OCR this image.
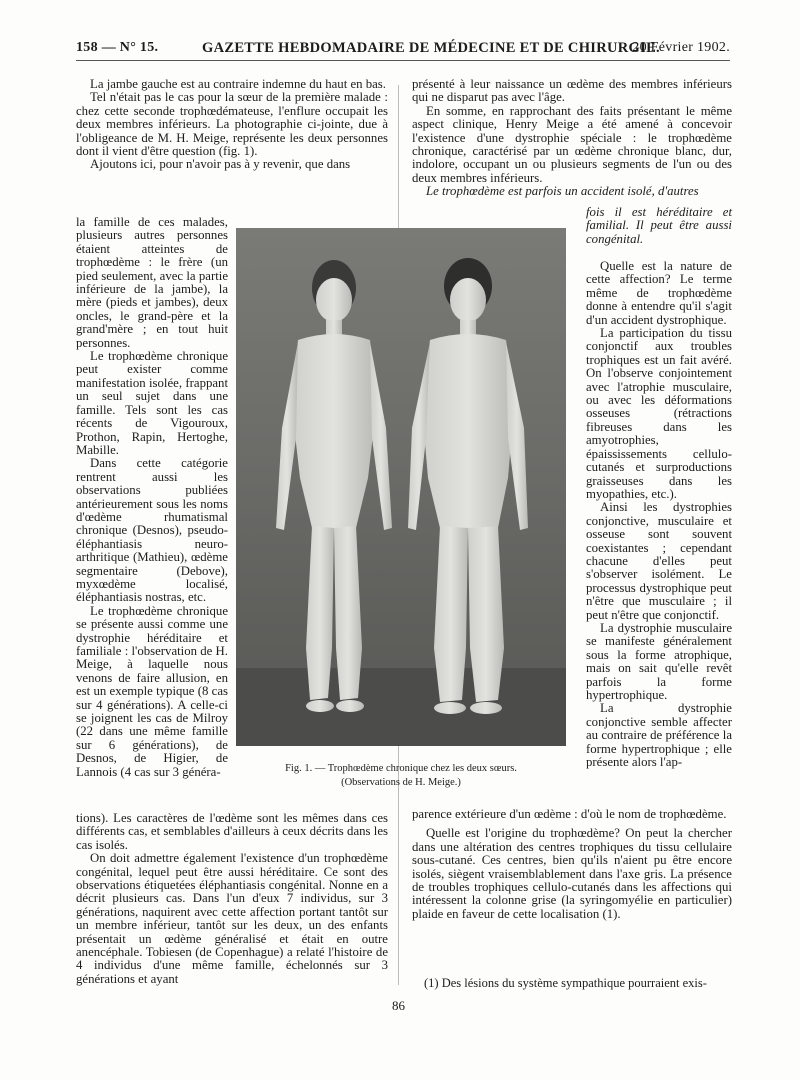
158 — N° 15.	GAZETTE HEBDOMADAIRE DE MÉDECINE ET DE CHIRURGIE.
20 Février 1902.

La jambe gauche est au contraire indemne du haut en bas.

Tel n'était pas le cas pour la sœur de la première malade : chez cette seconde trophœdémateuse, l'enflure occupait les deux membres inférieurs. La photographie ci-jointe, due à l'obligeance de M. H. Meige, représente les deux personnes dont il vient d'être question (fig. 1).

Ajoutons ici, pour n'avoir pas à y revenir, que dans

la famille de ces malades, plusieurs autres personnes étaient atteintes de trophœdème : le frère (un pied seulement, avec la partie inférieure de la jambe), la mère (pieds et jambes), deux oncles, le grand-père et la grand'mère ; en tout huit personnes.

Le trophœdème chronique peut exister comme manifestation isolée, frappant un seul sujet dans une famille. Tels sont les cas récents de Vigouroux, Prothon, Rapin, Hertoghe, Mabille.

Dans cette catégorie rentrent aussi les observations publiées antérieurement sous les noms d'œdème rhumatismal chronique (Desnos), pseudo-éléphantiasis neuro-arthritique (Mathieu), œdème segmentaire (Debove), myxœdème localisé, éléphantiasis nostras, etc.

Le trophœdème chronique se présente aussi comme une dystrophie héréditaire et familiale : l'observation de H. Meige, à laquelle nous venons de faire allusion, en est un exemple typique (8 cas sur 4 générations). A celle-ci se joignent les cas de Milroy (22 dans une même famille sur 6 générations), de Desnos, de Higier, de Lannois (4 cas sur 3 généra-

tions). Les caractères de l'œdème sont les mêmes dans ces différents cas, et semblables d'ailleurs à ceux décrits dans les cas isolés.

On doit admettre également l'existence d'un trophœdème congénital, lequel peut être aussi héréditaire. Ce sont des observations étiquetées éléphantiasis congénital. Nonne en a décrit plusieurs cas. Dans l'un d'eux 7 individus, sur 3 générations, naquirent avec cette affection portant tantôt sur un membre inférieur, tantôt sur les deux, un des enfants présentait un œdème généralisé et était en outre anencéphale. Tobiesen (de Copenhague) a relaté l'histoire de 4 individus d'une même famille, échelonnés sur 3 générations et ayant

présenté à leur naissance un œdème des membres inférieurs qui ne disparut pas avec l'âge.

En somme, en rapprochant des faits présentant le même aspect clinique, Henry Meige a été amené à concevoir l'existence d'une dystrophie spéciale : le trophœdème chronique, caractérisé par un œdème chronique blanc, dur, indolore, occupant un ou plusieurs segments de l'un ou des deux membres inférieurs.

Le trophœdème est parfois un accident isolé, d'autres

fois il est héréditaire et familial. Il peut être aussi congénital.

Quelle est la nature de cette affection? Le terme même de trophœdème donne à entendre qu'il s'agit d'un accident dystrophique.

La participation du tissu conjonctif aux troubles trophiques est un fait avéré. On l'observe conjointement avec l'atrophie musculaire, ou avec les déformations osseuses (rétractions fibreuses dans les amyotrophies, épaississements cellulo-cutanés et surproductions graisseuses dans les myopathies, etc.).

Ainsi les dystrophies conjonctive, musculaire et osseuse sont souvent coexistantes ; cependant chacune d'elles peut s'observer isolément. Le processus dystrophique peut n'être que musculaire ; il peut n'être que conjonctif.

La dystrophie musculaire se manifeste généralement sous la forme atrophique, mais on sait qu'elle revêt parfois la forme hypertrophique.

La dystrophie conjonctive semble affecter au contraire de préférence la forme hypertrophique ; elle présente alors l'ap-

parence extérieure d'un œdème : d'où le nom de trophœdème.

Quelle est l'origine du trophœdème? On peut la chercher dans une altération des centres trophiques du tissu cellulaire sous-cutané. Ces centres, bien qu'ils n'aient pu être encore isolés, siègent vraisemblablement dans l'axe gris. La présence de troubles trophiques cellulo-cutanés dans les affections qui intéressent la colonne grise (la syringomyélie en particulier) plaide en faveur de cette localisation (1).

Fig. 1. — Trophœdème chronique chez les deux sœurs.
(Observations de H. Meige.)
(1) Des lésions du système sympathique pourraient exis-
86
